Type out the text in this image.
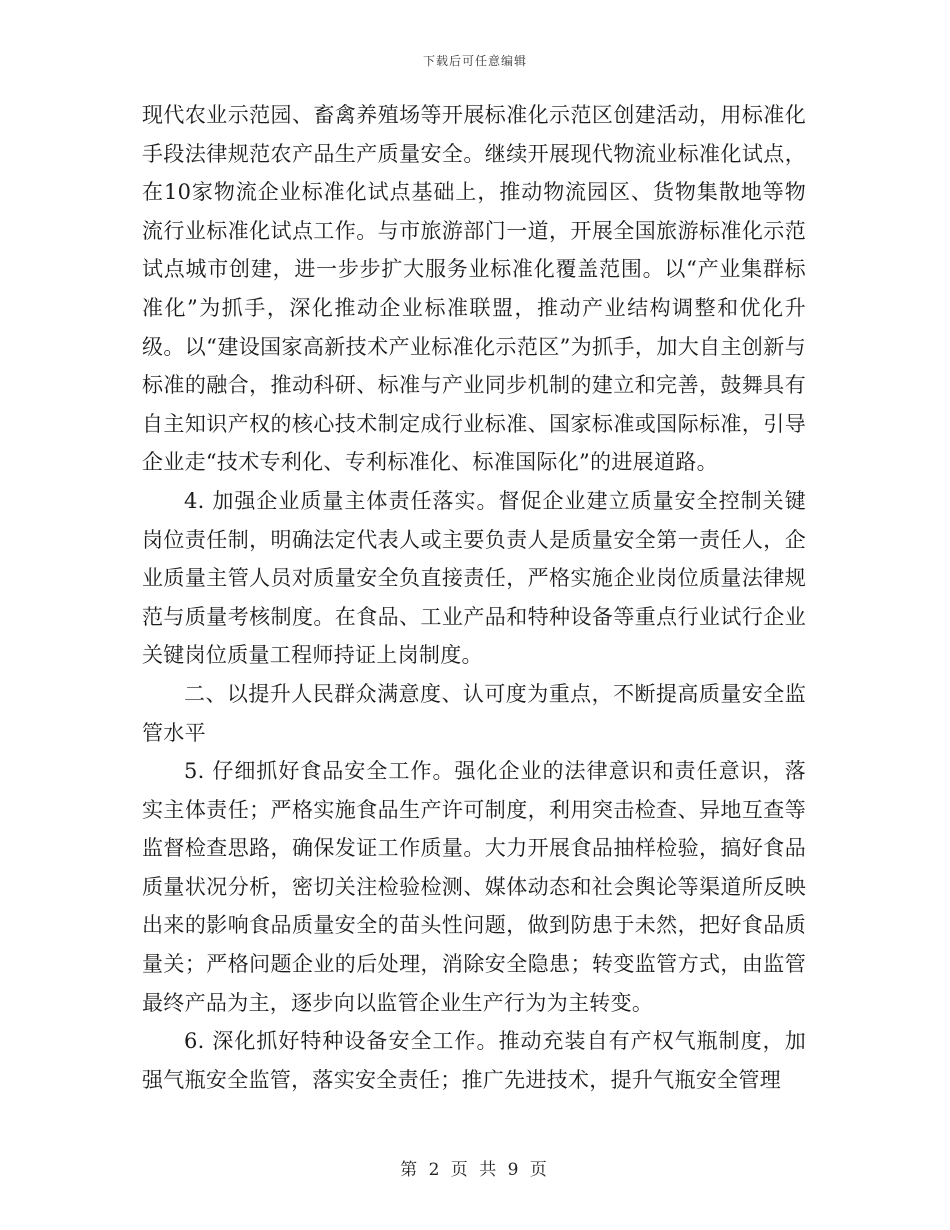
下载后可任意编辑

现代农业示范园、畜禽养殖场等开展标准化示范区创建活动，用标准化手段法律规范农产品生产质量安全。继续开展现代物流业标准化试点，在10家物流企业标准化试点基础上，推动物流园区、货物集散地等物流行业标准化试点工作。与市旅游部门一道，开展全国旅游标准化示范试点城市创建，进一步步扩大服务业标准化覆盖范围。以“产业集群标准化”为抓手，深化推动企业标准联盟，推动产业结构调整和优化升级。以“建设国家高新技术产业标准化示范区”为抓手，加大自主创新与标准的融合，推动科研、标准与产业同步机制的建立和完善，鼓舞具有自主知识产权的核心技术制定成行业标准、国家标准或国际标准，引导企业走“技术专利化、专利标准化、标准国际化”的进展道路。

4. 加强企业质量主体责任落实。督促企业建立质量安全控制关键岗位责任制，明确法定代表人或主要负责人是质量安全第一责任人，企业质量主管人员对质量安全负直接责任，严格实施企业岗位质量法律规范与质量考核制度。在食品、工业产品和特种设备等重点行业试行企业关键岗位质量工程师持证上岗制度。

二、以提升人民群众满意度、认可度为重点，不断提高质量安全监管水平

5. 仔细抓好食品安全工作。强化企业的法律意识和责任意识，落实主体责任；严格实施食品生产许可制度，利用突击检查、异地互查等监督检查思路，确保发证工作质量。大力开展食品抽样检验，搞好食品质量状况分析，密切关注检验检测、媒体动态和社会舆论等渠道所反映出来的影响食品质量安全的苗头性问题，做到防患于未然，把好食品质量关；严格问题企业的后处理，消除安全隐患；转变监管方式，由监管最终产品为主，逐步向以监管企业生产行为为主转变。

6. 深化抓好特种设备安全工作。推动充装自有产权气瓶制度，加强气瓶安全监管，落实安全责任；推广先进技术，提升气瓶安全管理

第 2 页 共 9 页
